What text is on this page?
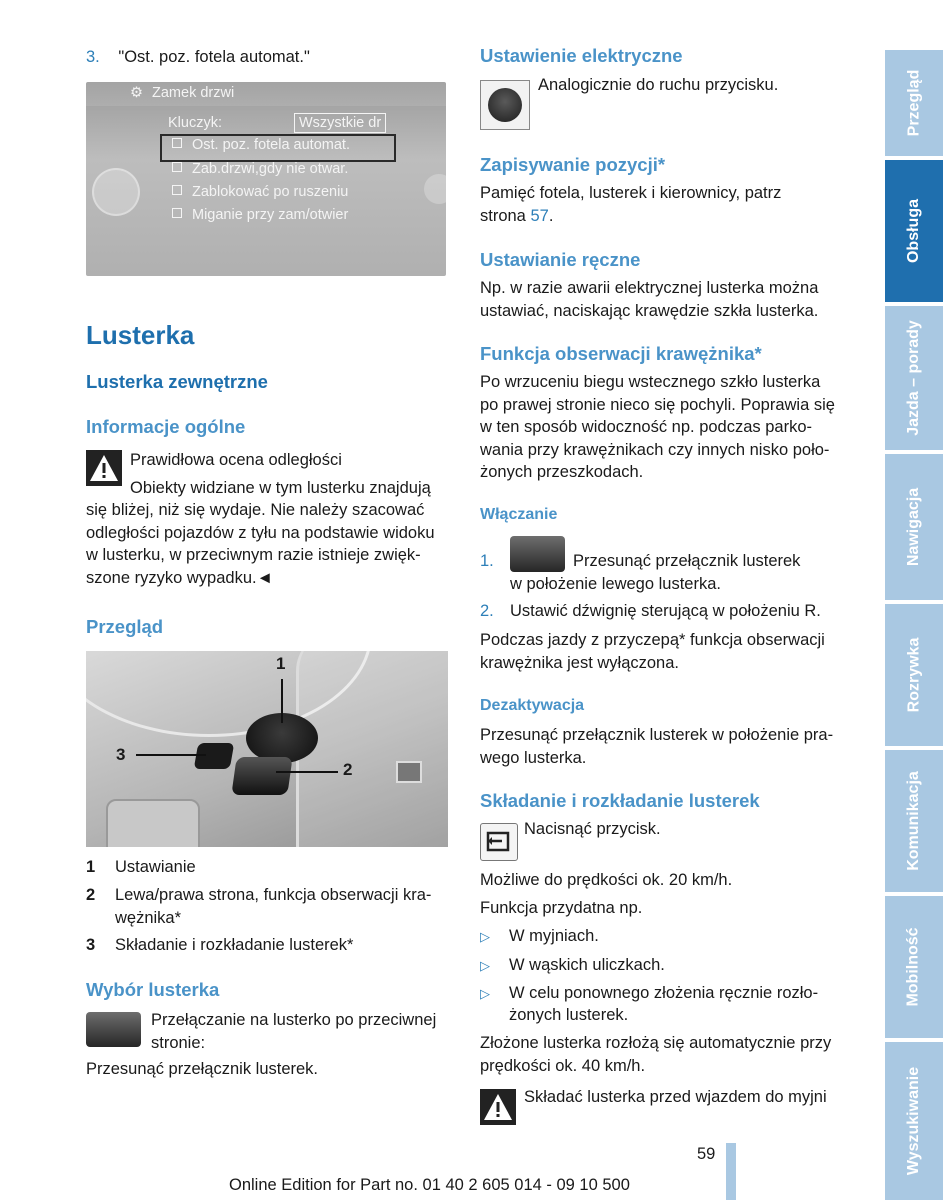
Przegląd
Obsługa
Jazda – porady
Nawigacja
Rozrywka
Komunikacja
Mobilność
Wyszukiwanie
3. "Ost. poz. fotela automat."
⚙ Zamek drzwi
Kluczyk:	Wszystkie dr
Ost. poz. fotela automat.
Zab.drzwi,gdy nie otwar.
Zablokować po ruszeniu
Miganie przy zam/otwier
Lusterka
Lusterka zewnętrzne
Informacje ogólne
Prawidłowa ocena odległości
Obiekty widziane w tym lusterku znajdują
się bliżej, niż się wydaje. Nie należy szacować
odległości pojazdów z tyłu na podstawie widoku
w lusterku, w przeciwnym razie istnieje zwięk-
szone ryzyko wypadku.◄
Przegląd
1
2
3
1 Ustawianie
2 Lewa/prawa strona, funkcja obserwacji kra-
wężnika*
3 Składanie i rozkładanie lusterek*
Wybór lusterka
Przełączanie na lusterko po przeciwnej
stronie:
Przesunąć przełącznik lusterek.
Ustawienie elektryczne
Analogicznie do ruchu przycisku.
Zapisywanie pozycji*
Pamięć fotela, lusterek i kierownicy, patrz
strona 57.
Ustawianie ręczne
Np. w razie awarii elektrycznej lusterka można
ustawiać, naciskając krawędzie szkła lusterka.
Funkcja obserwacji krawężnika*
Po wrzuceniu biegu wstecznego szkło lusterka
po prawej stronie nieco się pochyli. Poprawia się
w ten sposób widoczność np. podczas parko-
wania przy krawężnikach czy innych nisko poło-
żonych przeszkodach.
Włączanie
1.	Przesunąć przełącznik lusterek
w położenie lewego lusterka.
2. Ustawić dźwignię sterującą w położeniu R.
Podczas jazdy z przyczepą* funkcja obserwacji
krawężnika jest wyłączona.
Dezaktywacja
Przesunąć przełącznik lusterek w położenie pra-
wego lusterka.
Składanie i rozkładanie lusterek
Nacisnąć przycisk.
Możliwe do prędkości ok. 20 km/h.
Funkcja przydatna np.
▷ W myjniach.
▷ W wąskich uliczkach.
▷ W celu ponownego złożenia ręcznie rozło-
żonych lusterek.
Złożone lusterka rozłożą się automatycznie przy
prędkości ok. 40 km/h.
Składać lusterka przed wjazdem do myjni
59
Online Edition for Part no. 01 40 2 605 014 - 09 10 500
